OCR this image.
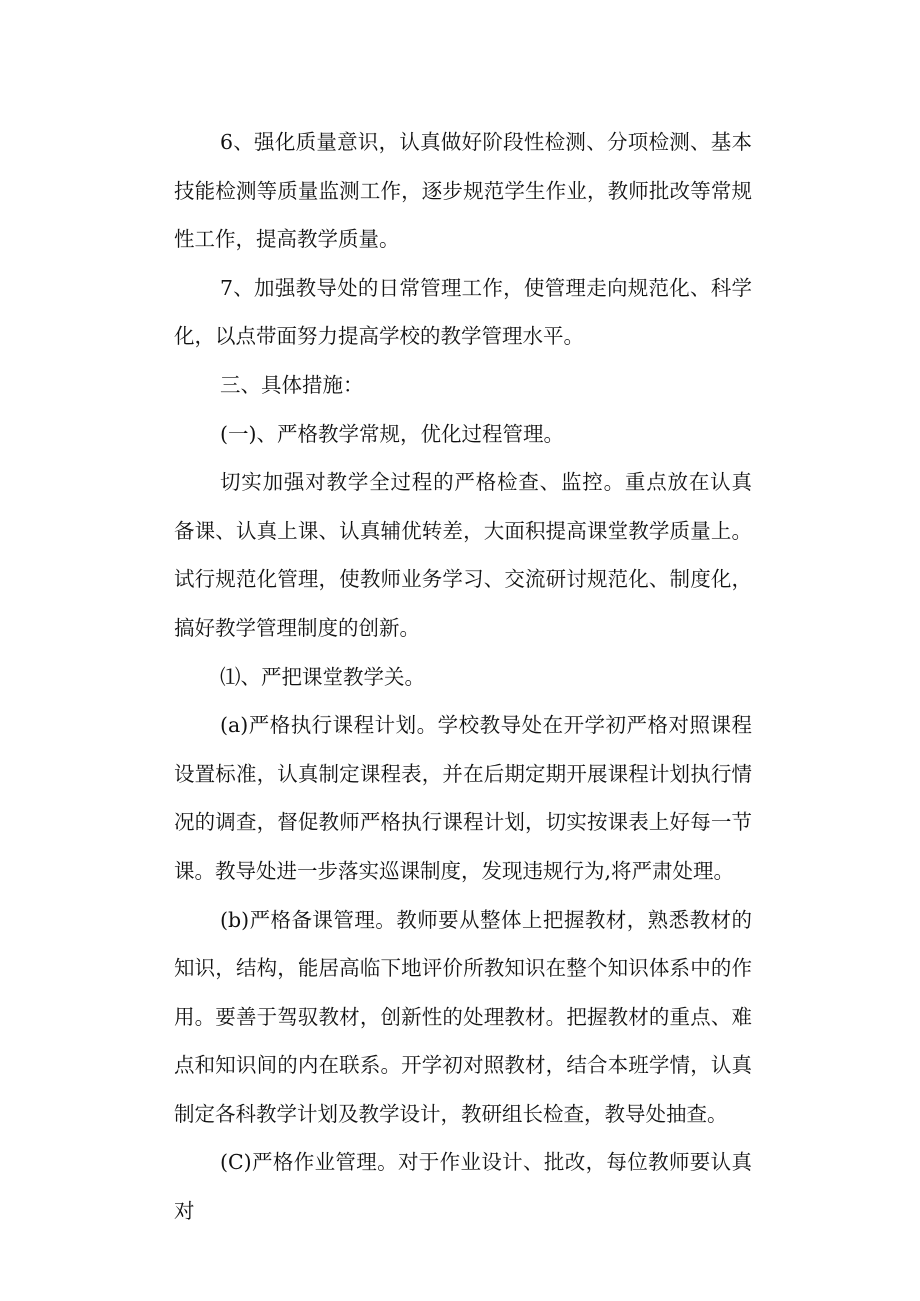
6、强化质量意识，认真做好阶段性检测、分项检测、基本技能检测等质量监测工作，逐步规范学生作业，教师批改等常规性工作，提高教学质量。

7、加强教导处的日常管理工作，使管理走向规范化、科学化，以点带面努力提高学校的教学管理水平。

三、具体措施：

(一)、严格教学常规，优化过程管理。

切实加强对教学全过程的严格检查、监控。重点放在认真备课、认真上课、认真辅优转差，大面积提高课堂教学质量上。试行规范化管理，使教师业务学习、交流研讨规范化、制度化，搞好教学管理制度的创新。

⑴、严把课堂教学关。

(a)严格执行课程计划。学校教导处在开学初严格对照课程设置标准，认真制定课程表，并在后期定期开展课程计划执行情况的调查，督促教师严格执行课程计划，切实按课表上好每一节课。教导处进一步落实巡课制度，发现违规行为,将严肃处理。

(b)严格备课管理。教师要从整体上把握教材，熟悉教材的知识，结构，能居高临下地评价所教知识在整个知识体系中的作用。要善于驾驭教材，创新性的处理教材。把握教材的重点、难点和知识间的内在联系。开学初对照教材，结合本班学情，认真制定各科教学计划及教学设计，教研组长检查，教导处抽查。

(C)严格作业管理。对于作业设计、批改，每位教师要认真对
